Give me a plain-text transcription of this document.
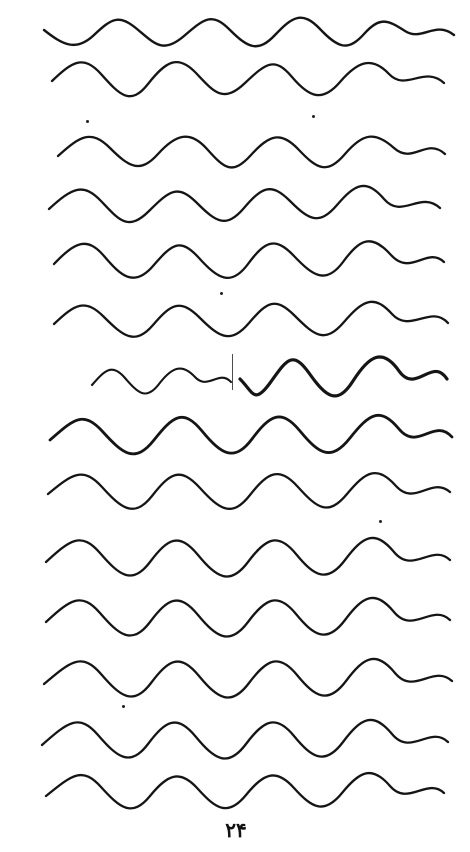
۲۴
